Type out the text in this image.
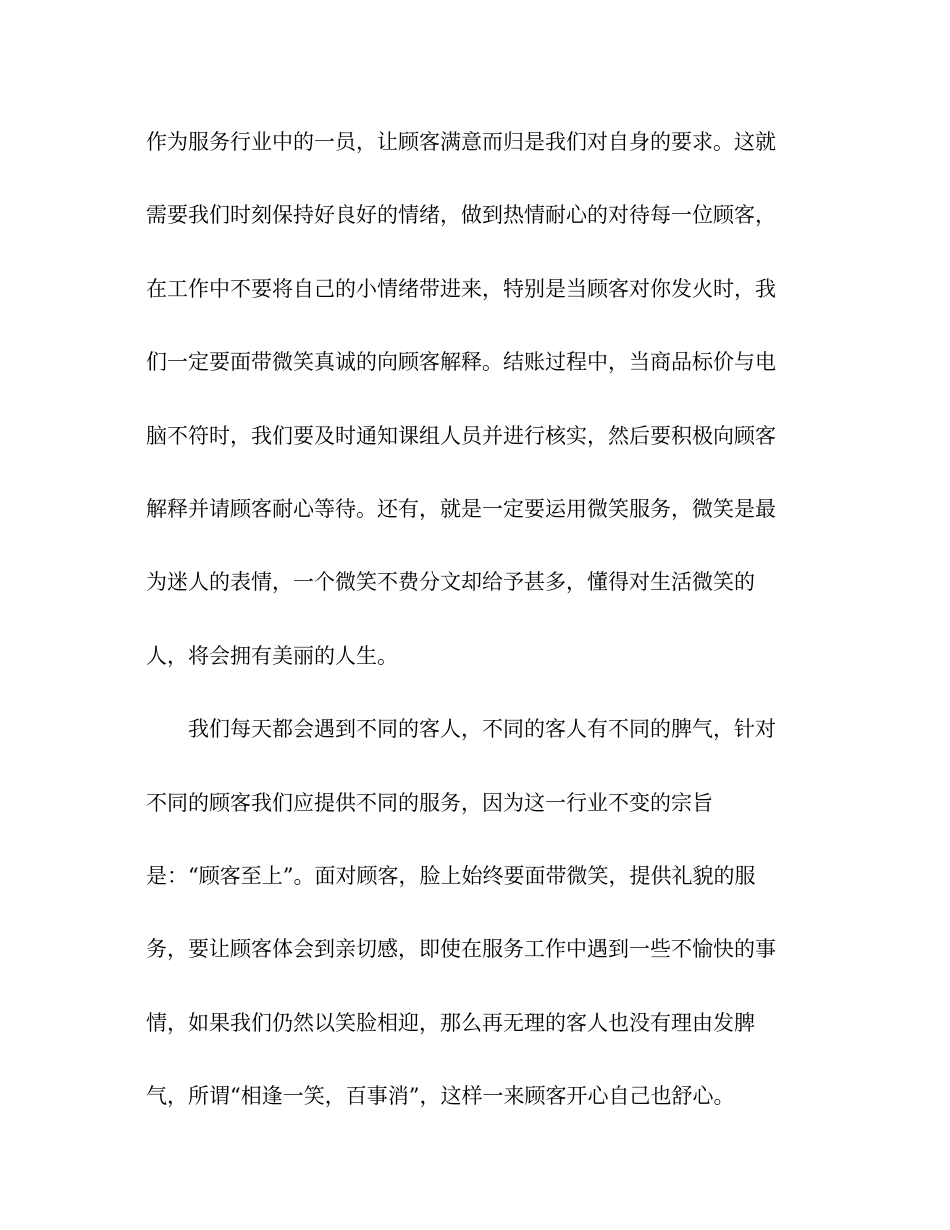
作为服务行业中的一员，让顾客满意而归是我们对自身的要求。这就
需要我们时刻保持好良好的情绪，做到热情耐心的对待每一位顾客，
在工作中不要将自己的小情绪带进来，特别是当顾客对你发火时，我
们一定要面带微笑真诚的向顾客解释。结账过程中，当商品标价与电
脑不符时，我们要及时通知课组人员并进行核实，然后要积极向顾客
解释并请顾客耐心等待。还有，就是一定要运用微笑服务，微笑是最
为迷人的表情，一个微笑不费分文却给予甚多，懂得对生活微笑的
人，将会拥有美丽的人生。
我们每天都会遇到不同的客人，不同的客人有不同的脾气，针对
不同的顾客我们应提供不同的服务，因为这一行业不变的宗旨
是：“顾客至上”。面对顾客，脸上始终要面带微笑，提供礼貌的服
务，要让顾客体会到亲切感，即使在服务工作中遇到一些不愉快的事
情，如果我们仍然以笑脸相迎，那么再无理的客人也没有理由发脾
气，所谓“相逢一笑，百事消”，这样一来顾客开心自己也舒心。
